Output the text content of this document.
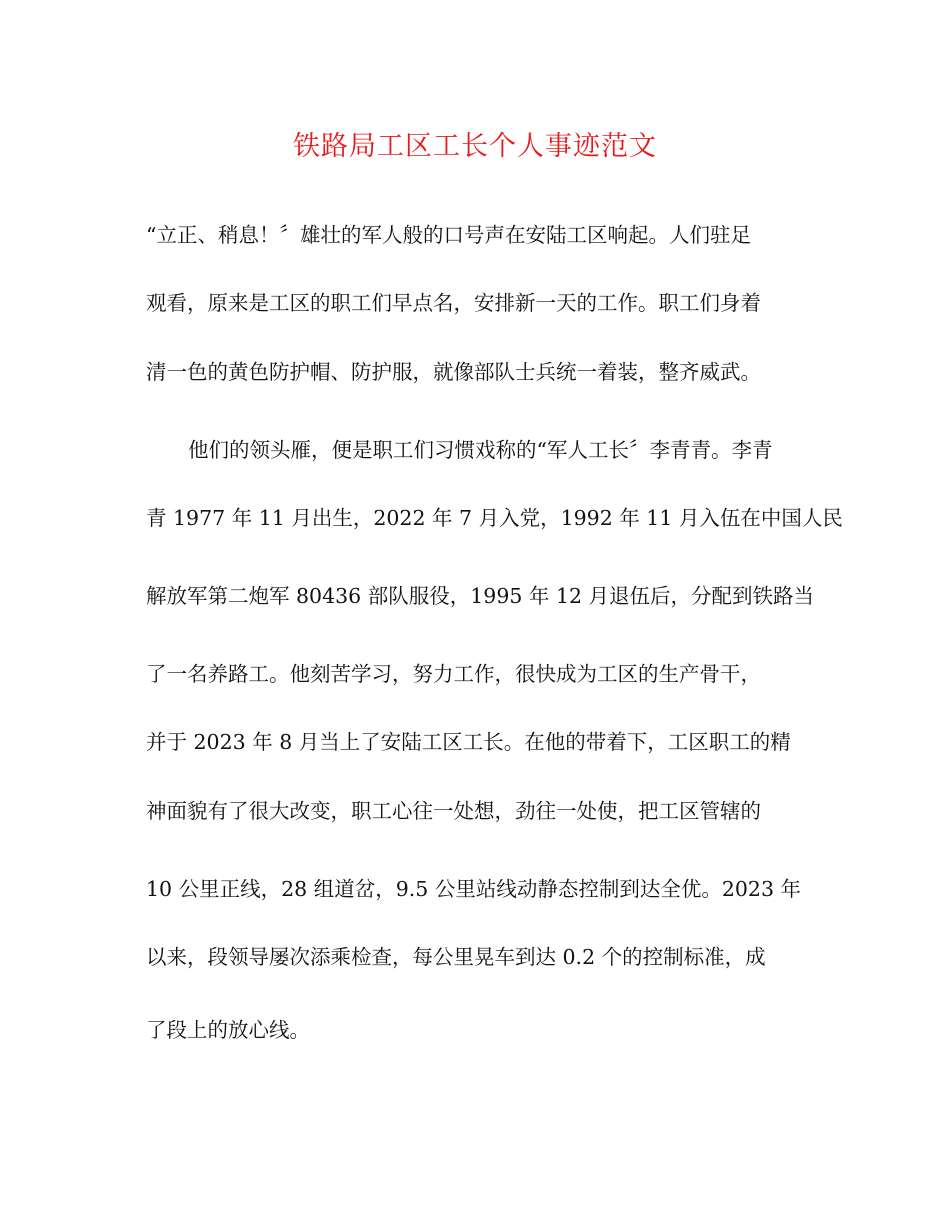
铁路局工区工长个人事迹范文
“立正、稍息！〞雄壮的军人般的口号声在安陆工区响起。人们驻足
观看，原来是工区的职工们早点名，安排新一天的工作。职工们身着
清一色的黄色防护帽、防护服，就像部队士兵统一着装，整齐威武。
他们的领头雁，便是职工们习惯戏称的“军人工长〞李青青。李青
青 1977 年 11 月出生，2022 年 7 月入党，1992 年 11 月入伍在中国人民
解放军第二炮军 80436 部队服役，1995 年 12 月退伍后，分配到铁路当
了一名养路工。他刻苦学习，努力工作，很快成为工区的生产骨干，
并于 2023 年 8 月当上了安陆工区工长。在他的带着下，工区职工的精
神面貌有了很大改变，职工心往一处想，劲往一处使，把工区管辖的
10 公里正线，28 组道岔，9.5 公里站线动静态控制到达全优。2023 年
以来，段领导屡次添乘检查，每公里晃车到达 0.2 个的控制标准，成
了段上的放心线。
